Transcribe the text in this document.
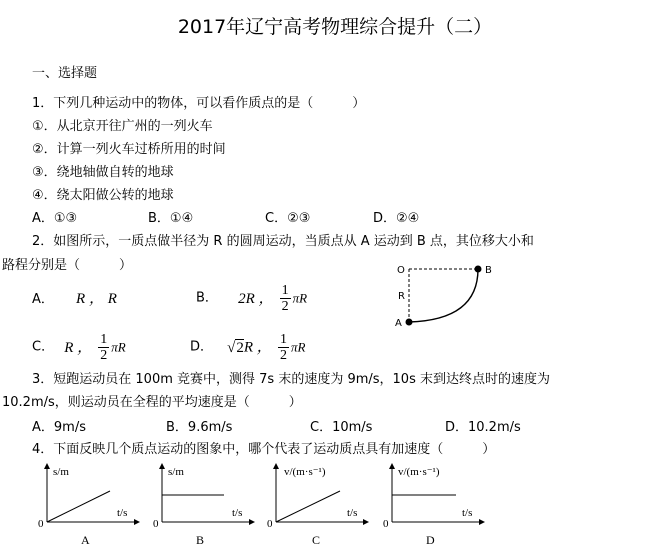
2017年辽宁高考物理综合提升（二）
一、选择题
1．下列几种运动中的物体，可以看作质点的是（　　　）
①．从北京开往广州的一列火车
②．计算一列火车过桥所用的时间
③．绕地轴做自转的地球
④．绕太阳做公转的地球
A．①③	B．①④	C．②③	D．②④
2．如图所示，一质点做半径为 R 的圆周运动，当质点从 A 运动到 B 点，其位移大小和
路程分别是（　　　）	O	B
R
A
A． R ， R	B． 2R ， $\frac{1}{2}$ πR
C． R ， $\frac{1}{2}$ πR	D． √2R ， $\frac{1}{2}$ πR
3．短跑运动员在 100m 竞赛中，测得 7s 末的速度为 9m/s，10s 末到达终点时的速度为
10.2m/s，则运动员在全程的平均速度是（　　　）
A．9m/s	B．9.6m/s	C．10m/s	D．10.2m/s
4．下面反映几个质点运动的图象中，哪个代表了运动质点具有加速度（　　　）
s/m
t/s
0
A
s/m
t/s
0
B
v/(m·s⁻¹)
t/s
0
C
v/(m·s⁻¹)
t/s
0
D
